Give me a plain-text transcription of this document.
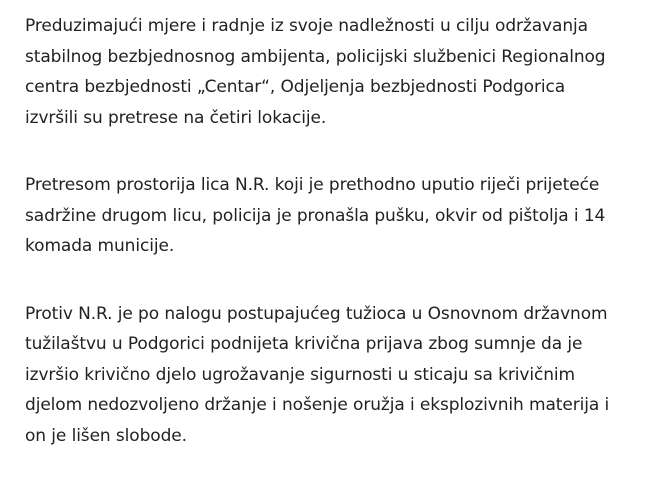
Preduzimajući mjere i radnje iz svoje nadležnosti u cilju održavanja
stabilnog bezbjednosnog ambijenta, policijski službenici Regionalnog
centra bezbjednosti „Centar“, Odjeljenja bezbjednosti Podgorica
izvršili su pretrese na četiri lokacije.

Pretresom prostorija lica N.R. koji je prethodno uputio riječi prijeteće
sadržine drugom licu, policija je pronašla pušku, okvir od pištolja i 14
komada municije.

Protiv N.R. je po nalogu postupajućeg tužioca u Osnovnom državnom
tužilaštvu u Podgorici podnijeta krivična prijava zbog sumnje da je
izvršio krivično djelo ugrožavanje sigurnosti u sticaju sa krivičnim
djelom nedozvoljeno držanje i nošenje oružja i eksplozivnih materija i
on je lišen slobode.
